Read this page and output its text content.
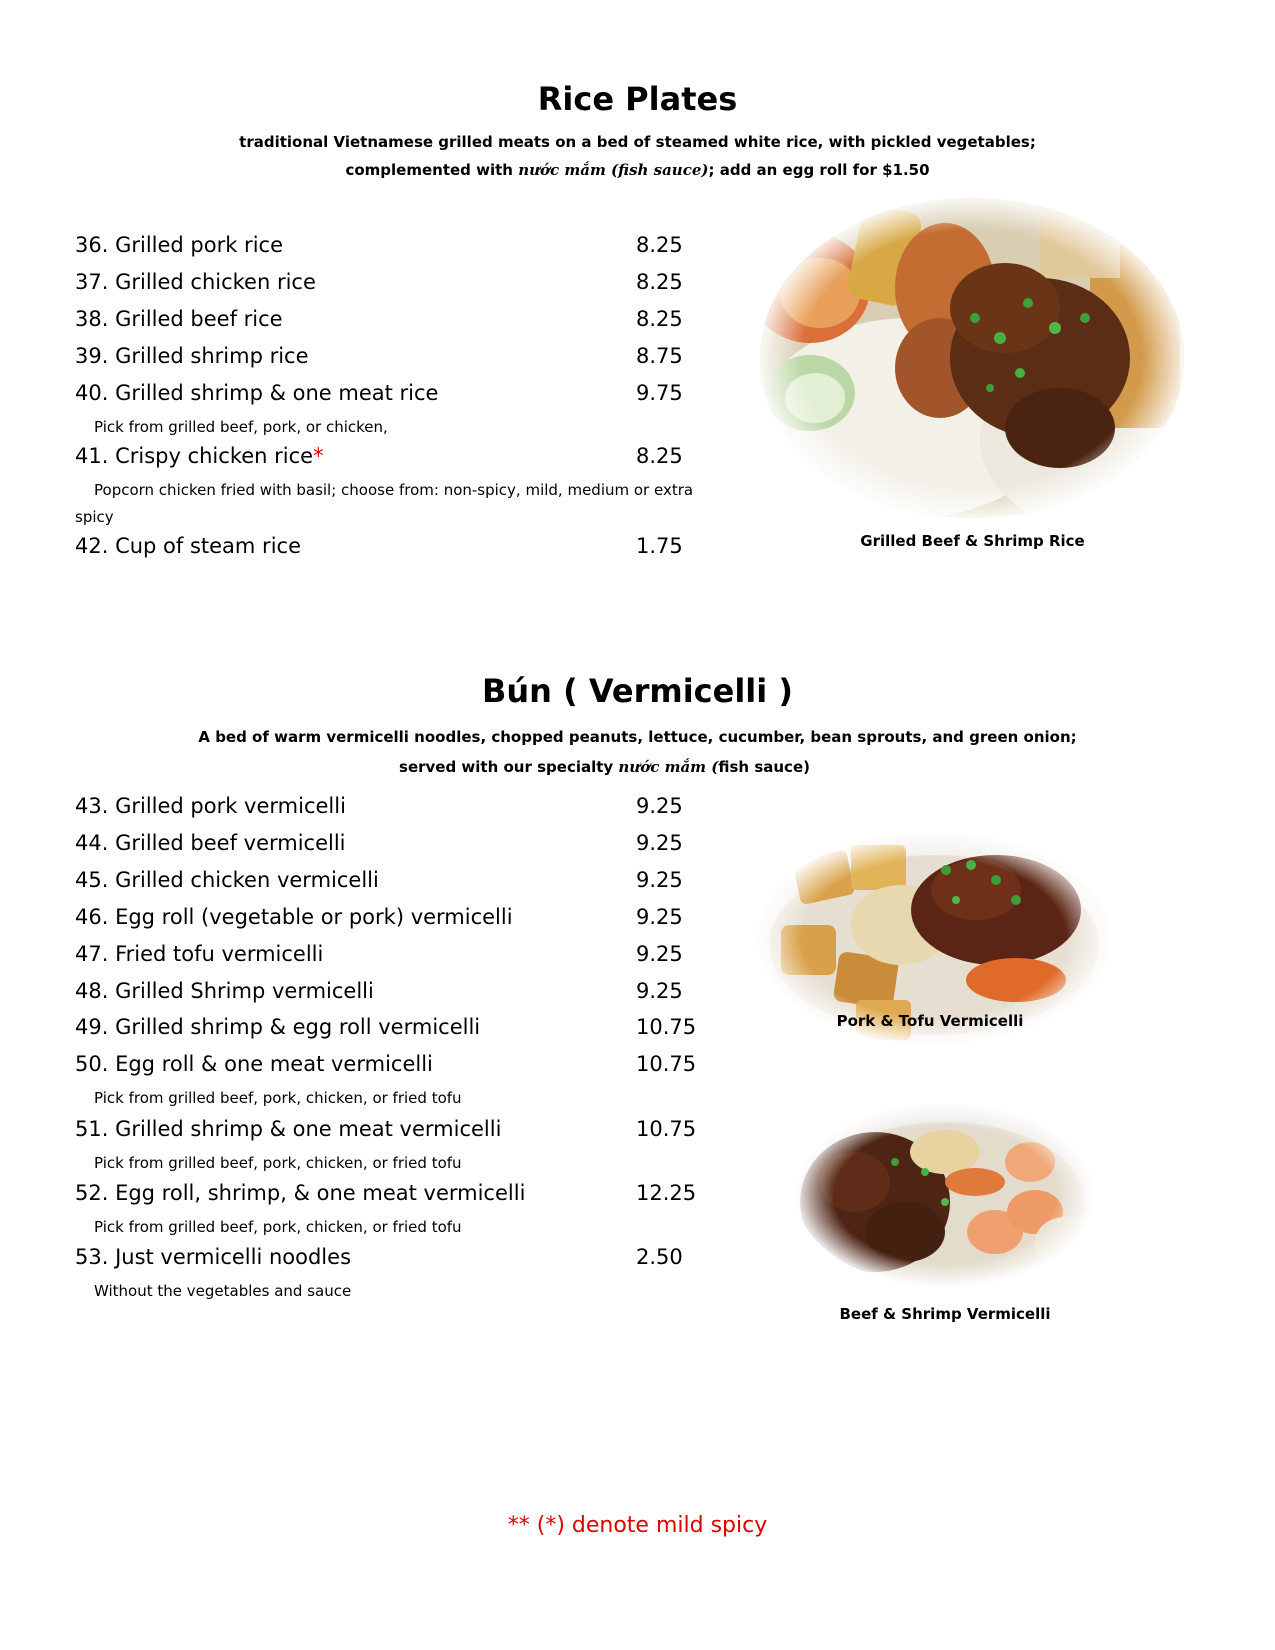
Rice Plates

traditional Vietnamese grilled meats on a bed of steamed white rice, with pickled vegetables;

complemented with nước mắm (fish sauce); add an egg roll for $1.50

36. Grilled pork rice	8.25
37. Grilled chicken rice	8.25
38. Grilled beef rice	8.25
39. Grilled shrimp rice	8.75
40. Grilled shrimp & one meat rice	9.75
Pick from grilled beef, pork, or chicken,
41. Crispy chicken rice*	8.25
Popcorn chicken fried with basil; choose from: non-spicy, mild, medium or extra spicy
42. Cup of steam rice	1.75	Grilled Beef & Shrimp Rice
Bún ( Vermicelli )

A bed of warm vermicelli noodles, chopped peanuts, lettuce, cucumber, bean sprouts, and green onion;

served with our specialty nước mắm (fish sauce)

43. Grilled pork vermicelli	9.25
44. Grilled beef vermicelli	9.25
45. Grilled chicken vermicelli	9.25
46. Egg roll (vegetable or pork) vermicelli	9.25
47. Fried tofu vermicelli	9.25
48. Grilled Shrimp vermicelli	9.25
49. Grilled shrimp & egg roll vermicelli	10.75
50. Egg roll & one meat vermicelli	10.75
Pick from grilled beef, pork, chicken, or fried tofu
51. Grilled shrimp & one meat vermicelli	10.75
Pick from grilled beef, pork, chicken, or fried tofu
52. Egg roll, shrimp, & one meat vermicelli	12.25
Pick from grilled beef, pork, chicken, or fried tofu
53. Just vermicelli noodles	2.50
Without the vegetables and sauce
Pork & Tofu Vermicelli
Beef & Shrimp Vermicelli
** (*) denote mild spicy
